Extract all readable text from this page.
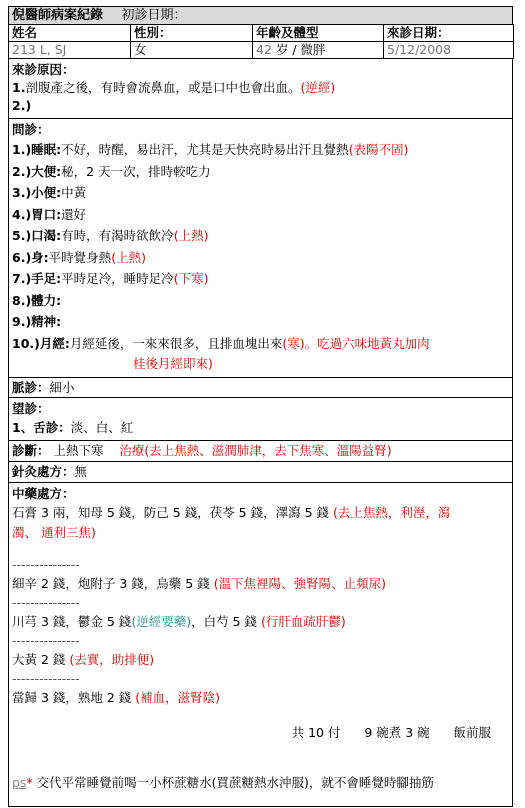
倪醫師病案紀錄 初診日期：
姓名	性別：	年齡及體型	來診日期：
213 L, SJ	女	42 岁 / 微胖	5/12/2008
來診原因：
1.剖腹產之後，有時會流鼻血，或是口中也會出血。(逆經)
2.)
問診：
1.)睡眠:不好，時醒，易出汗，尤其是天快亮時易出汗且覺熱(表陽不固)
2.)大便:秘，2 天一次，排時較吃力
3.)小便:中黃
4.)胃口:還好
5.)口渴:有時，有渴時欲飲冷(上熱)
6.)身:平時覺身熱(上熱)
7.)手足:平時足冷，睡時足冷(下寒)
8.)體力:
9.)精神:
10.)月經:月經延後，一來來很多，且排血塊出來(寒)。吃過六味地黃丸加肉
桂後月經即來)
脈診：細小
望診：
1、舌診：淡、白、紅
診斷： 上熱下寒 治療(去上焦熱、滋潤肺津，去下焦寒、溫陽益腎)
針灸處方：無
中藥處方：
石膏 3 兩，知母 5 錢，防己 5 錢，茯苓 5 錢，澤瀉 5 錢 (去上焦熱，利溼，瀉
濁、 通利三焦)
---------------
細辛 2 錢，炮附子 3 錢，烏藥 5 錢 (溫下焦裡陽、強腎陽、止頻尿)
---------------
川芎 3 錢，鬱金 5 錢(逆經要藥)，白芍 5 錢 (行肝血疏肝鬱)
---------------
大黃 2 錢 (去實，助排便)
---------------
當歸 3 錢，熟地 2 錢 (補血，滋腎陰)
共 10 付      9 碗煮 3 碗      飯前服
ps* 交代平常睡覺前喝一小杯蔗糖水(買蔗糖熱水沖服)，就不會睡覺時腳抽筋
